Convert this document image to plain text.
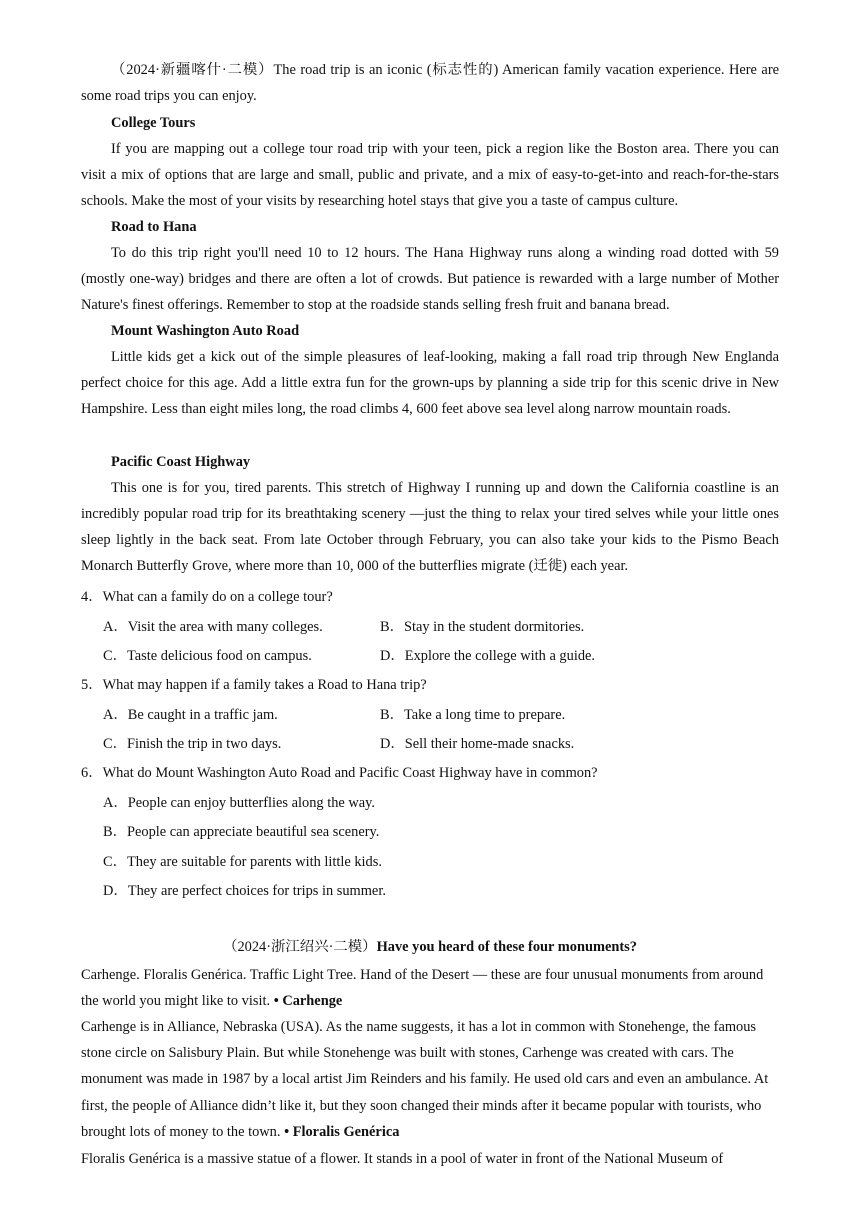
（2024·新疆喀什·二模）The road trip is an iconic (标志性的) American family vacation experience. Here are some road trips you can enjoy.

College Tours

If you are mapping out a college tour road trip with your teen, pick a region like the Boston area. There you can visit a mix of options that are large and small, public and private, and a mix of easy-to-get-into and reach-for-the-stars schools. Make the most of your visits by researching hotel stays that give you a taste of campus culture.

Road to Hana

To do this trip right you'll need 10 to 12 hours. The Hana Highway runs along a winding road dotted with 59 (mostly one-way) bridges and there are often a lot of crowds. But patience is rewarded with a large number of Mother Nature's finest offerings. Remember to stop at the roadside stands selling fresh fruit and banana bread.

Mount Washington Auto Road

Little kids get a kick out of the simple pleasures of leaf-looking, making a fall road trip through New Englanda perfect choice for this age. Add a little extra fun for the grown-ups by planning a side trip for this scenic drive in New Hampshire. Less than eight miles long, the road climbs 4, 600 feet above sea level along narrow mountain roads.

Pacific Coast Highway

This one is for you, tired parents. This stretch of Highway I running up and down the California coastline is an incredibly popular road trip for its breathtaking scenery —just the thing to relax your tired selves while your little ones sleep lightly in the back seat. From late October through February, you can also take your kids to the Pismo Beach Monarch Butterfly Grove, where more than 10, 000 of the butterflies migrate (迁徙) each year.

4．What can a family do on a college tour?

A．Visit the area with many colleges.	B．Stay in the student dormitories.

C．Taste delicious food on campus.	D．Explore the college with a guide.

5．What may happen if a family takes a Road to Hana trip?

A．Be caught in a traffic jam.	B．Take a long time to prepare.

C．Finish the trip in two days.	D．Sell their home-made snacks.

6．What do Mount Washington Auto Road and Pacific Coast Highway have in common?

A．People can enjoy butterflies along the way.

B．People can appreciate beautiful sea scenery.

C．They are suitable for parents with little kids.

D．They are perfect choices for trips in summer.

（2024·浙江绍兴·二模）Have you heard of these four monuments?

Carhenge. Floralis Genérica. Traffic Light Tree. Hand of the Desert — these are four unusual monuments from around the world you might like to visit. • Carhenge

Carhenge is in Alliance, Nebraska (USA). As the name suggests, it has a lot in common with Stonehenge, the famous stone circle on Salisbury Plain. But while Stonehenge was built with stones, Carhenge was created with cars. The monument was made in 1987 by a local artist Jim Reinders and his family. He used old cars and even an ambulance. At first, the people of Alliance didn’t like it, but they soon changed their minds after it became popular with tourists, who brought lots of money to the town. • Floralis Genérica

Floralis Genérica is a massive statue of a flower. It stands in a pool of water in front of the National Museum of
